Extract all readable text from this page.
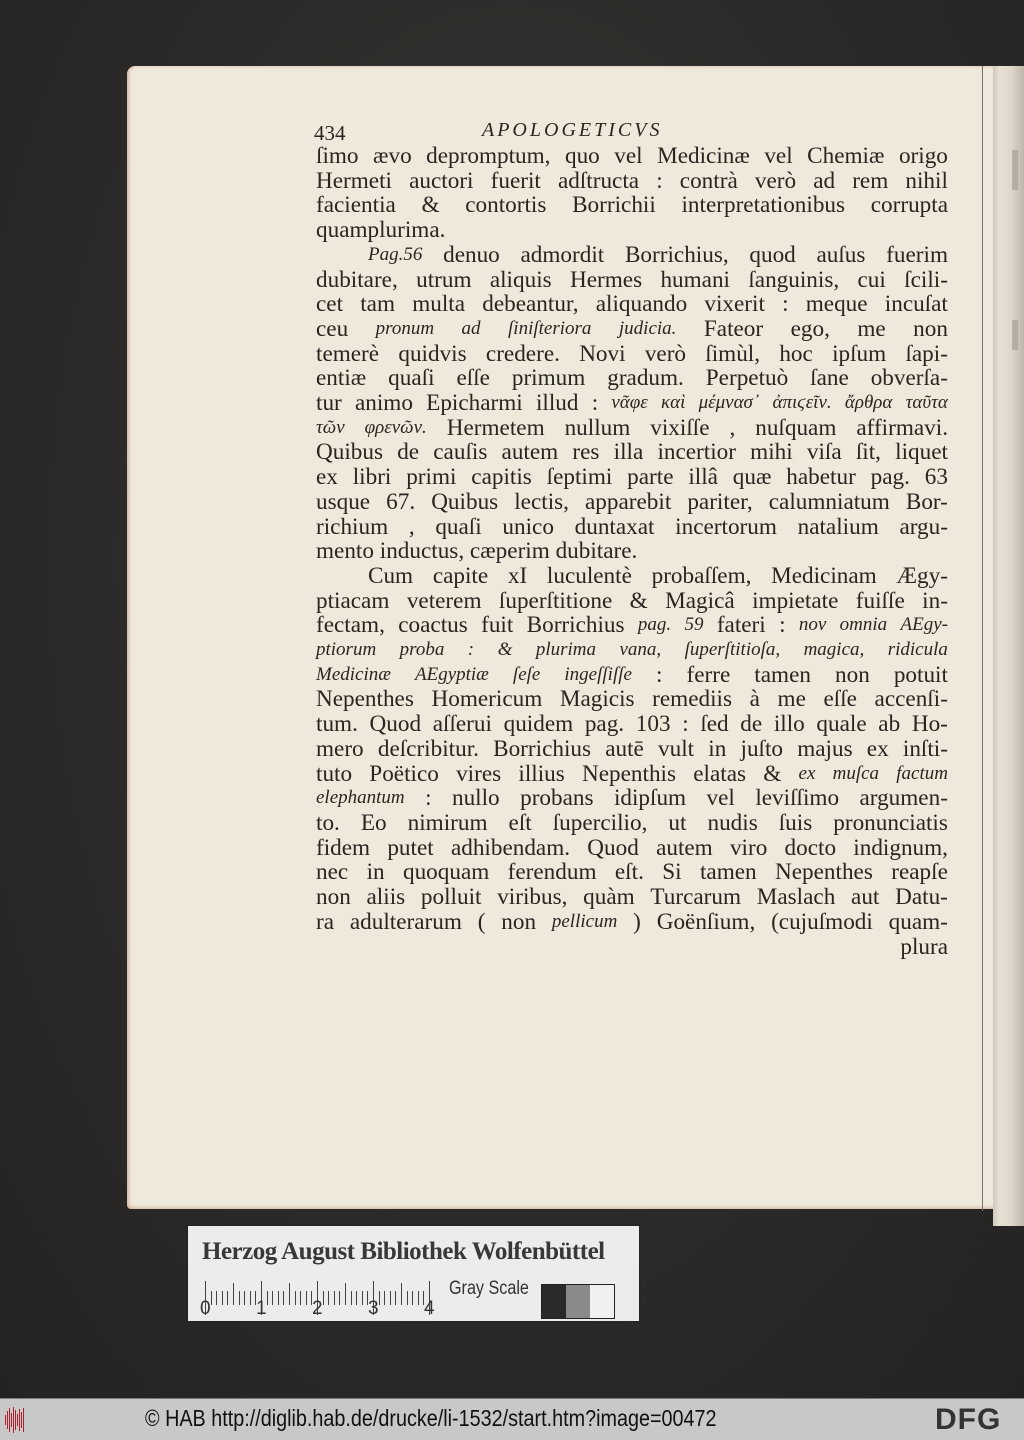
434	APOLOGETICVS
ſimo ævo depromptum, quo vel Medicinæ vel Chemiæ origo
Hermeti auctori fuerit adſtructa : contrà verò ad rem nihil
facientia & contortis Borrichii interpretationibus corrupta
quamplurima.
Pag.56 denuo admordit Borrichius, quod auſus fuerim
dubitare, utrum aliquis Hermes humani ſanguinis, cui ſcili-
cet tam multa debeantur, aliquando vixerit : meque incuſat
ceu pronum ad ſiniſteriora judicia. Fateor ego, me non
temerè quidvis credere. Novi verò ſimùl, hoc ipſum ſapi-
entiæ quaſi eſſe primum gradum. Perpetuò ſane obverſa-
tur animo Epicharmi illud : νᾶφε καὶ μέμνασ᾽ ἀπιϛεῖν. ἄρθρα ταῦτα
τῶν φρενῶν. Hermetem nullum vixiſſe , nuſquam affirmavi.
Quibus de cauſis autem res illa incertior mihi viſa ſit, liquet
ex libri primi capitis ſeptimi parte illâ quæ habetur pag. 63
usque 67. Quibus lectis, apparebit pariter, calumniatum Bor-
richium , quaſi unico duntaxat incertorum natalium argu-
mento inductus, cæperim dubitare.
Cum capite xI luculentè probaſſem, Medicinam Ægy-
ptiacam veterem ſuperſtitione & Magicâ impietate fuiſſe in-
fectam, coactus fuit Borrichius pag. 59 fateri : nov omnia AEgy-
ptiorum proba : & plurima vana, ſuperſtitioſa, magica, ridicula
Medicinæ AEgyptiæ ſeſe ingeſſiſſe : ferre tamen non potuit
Nepenthes Homericum Magicis remediis à me eſſe accenſi-
tum. Quod aſſerui quidem pag. 103 : ſed de illo quale ab Ho-
mero deſcribitur. Borrichius autē vult in juſto majus ex inſti-
tuto Poëtico vires illius Nepenthis elatas & ex muſca factum
elephantum : nullo probans idipſum vel leviſſimo argumen-
to. Eo nimirum eſt ſupercilio, ut nudis ſuis pronunciatis
fidem putet adhibendam. Quod autem viro docto indignum,
nec in quoquam ferendum eſt. Si tamen Nepenthes reapſe
non aliis polluit viribus, quàm Turcarum Maslach aut Datu-
ra adulterarum ( non pellicum ) Goënſium, (cujuſmodi quam-
plura
Herzog August Bibliothek Wolfenbüttel
0 1 2 3 4
Gray Scale
© HAB http://diglib.hab.de/drucke/li-1532/start.htm?image=00472	DFG
